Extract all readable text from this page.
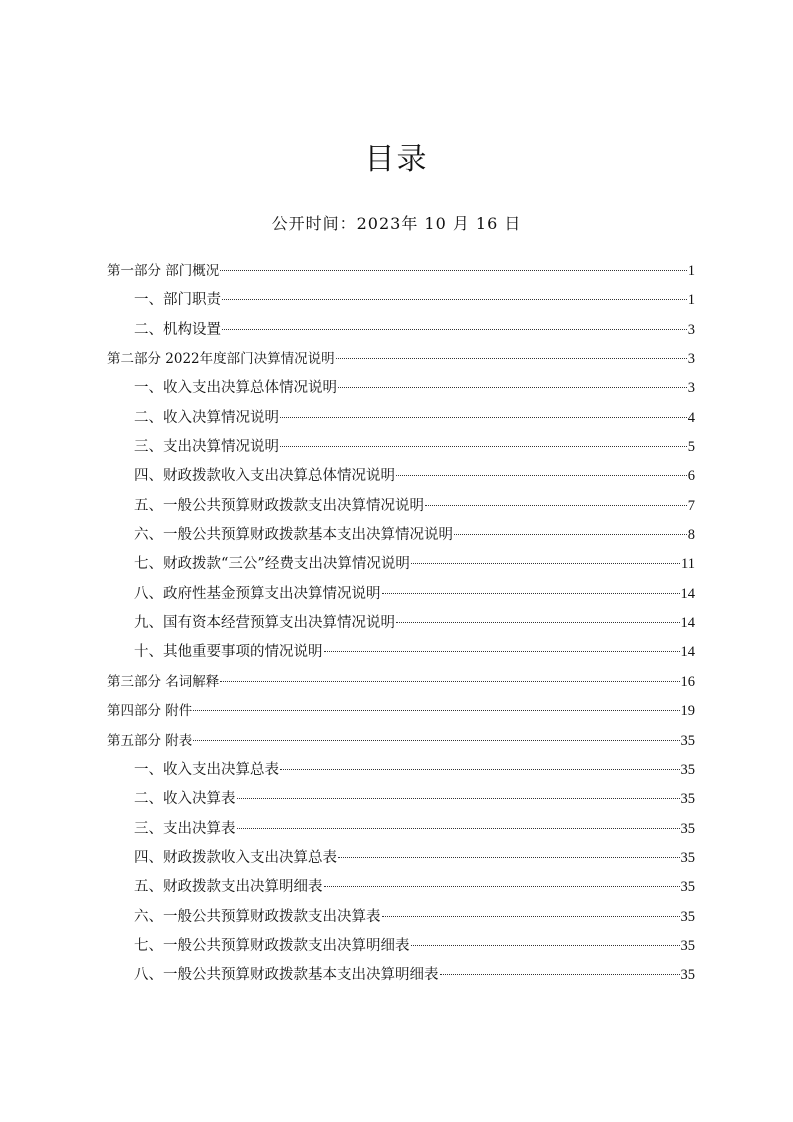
目录
公开时间：2023年 10 月 16 日
第一部分 部门概况	1
一、部门职责	1
二、机构设置	3
第二部分 2022年度部门决算情况说明	3
一、收入支出决算总体情况说明	3
二、收入决算情况说明	4
三、支出决算情况说明	5
四、财政拨款收入支出决算总体情况说明	6
五、一般公共预算财政拨款支出决算情况说明	7
六、一般公共预算财政拨款基本支出决算情况说明	8
七、财政拨款“三公”经费支出决算情况说明	11
八、政府性基金预算支出决算情况说明	14
九、国有资本经营预算支出决算情况说明	14
十、其他重要事项的情况说明	14
第三部分 名词解释	16
第四部分 附件	19
第五部分 附表	35
一、收入支出决算总表	35
二、收入决算表	35
三、支出决算表	35
四、财政拨款收入支出决算总表	35
五、财政拨款支出决算明细表	35
六、一般公共预算财政拨款支出决算表	35
七、一般公共预算财政拨款支出决算明细表	35
八、一般公共预算财政拨款基本支出决算明细表	35
